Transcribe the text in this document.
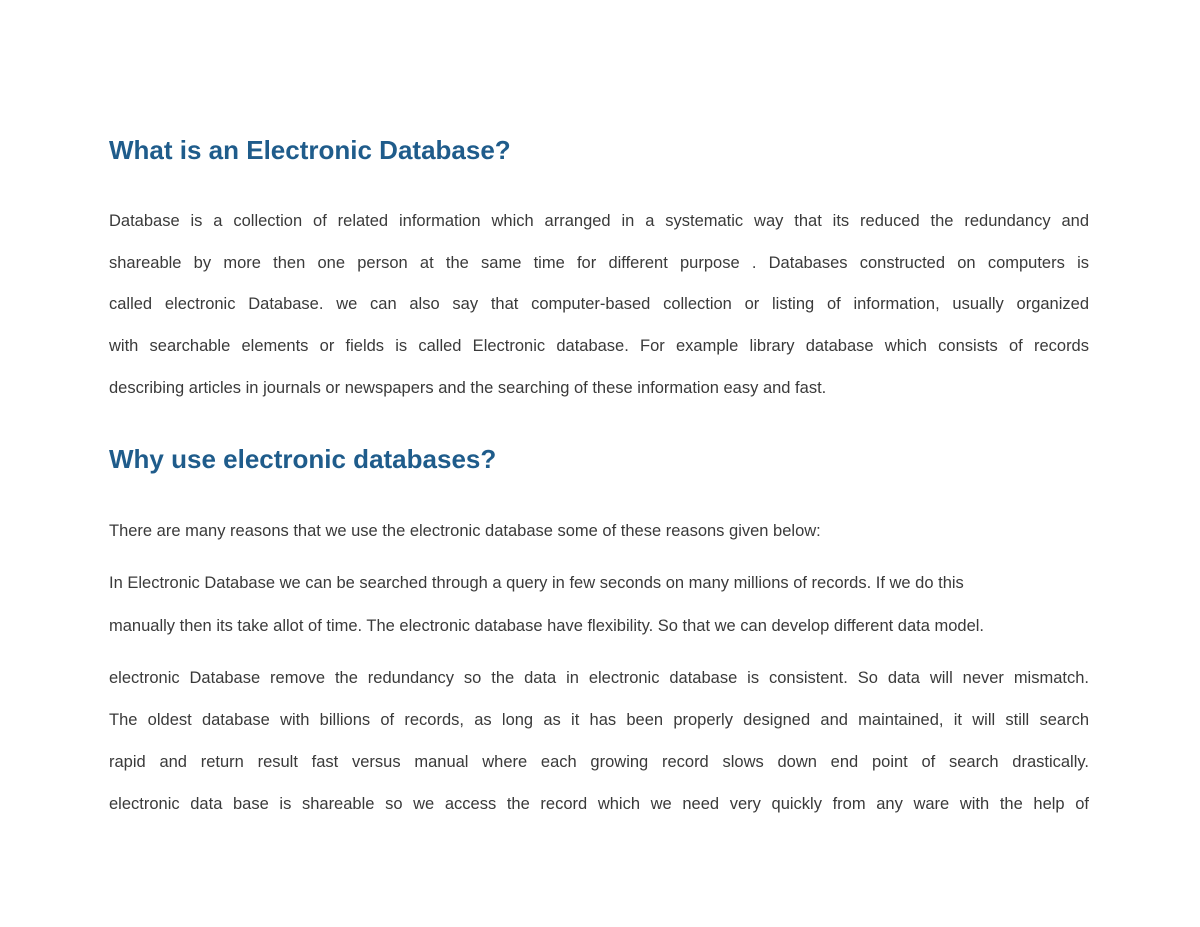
What is an Electronic Database?
Database is a collection of related information which arranged in a systematic way that its reduced the redundancy and
shareable by more then one person at the same time for different purpose . Databases constructed on computers is
called electronic Database. we can also say that computer-based collection or listing of information, usually organized
with searchable elements or fields is called Electronic database. For example library database which consists of records
describing articles in journals or newspapers and the searching of these information easy and fast.
Why use electronic databases?
There are many reasons that we use the electronic database some of these reasons given below:
In Electronic Database we can be searched through a query in few seconds on many millions of records. If we do this
manually then its take allot of time. The electronic database have flexibility. So that we can develop different data model.
electronic Database remove the redundancy so the data in electronic database is consistent. So data will never mismatch.
The oldest database with billions of records, as long as it has been properly designed and maintained, it will still search
rapid and return result fast versus manual where each growing record slows down end point of search drastically.
electronic data base is shareable so we access the record which we need very quickly from any ware with the help of
